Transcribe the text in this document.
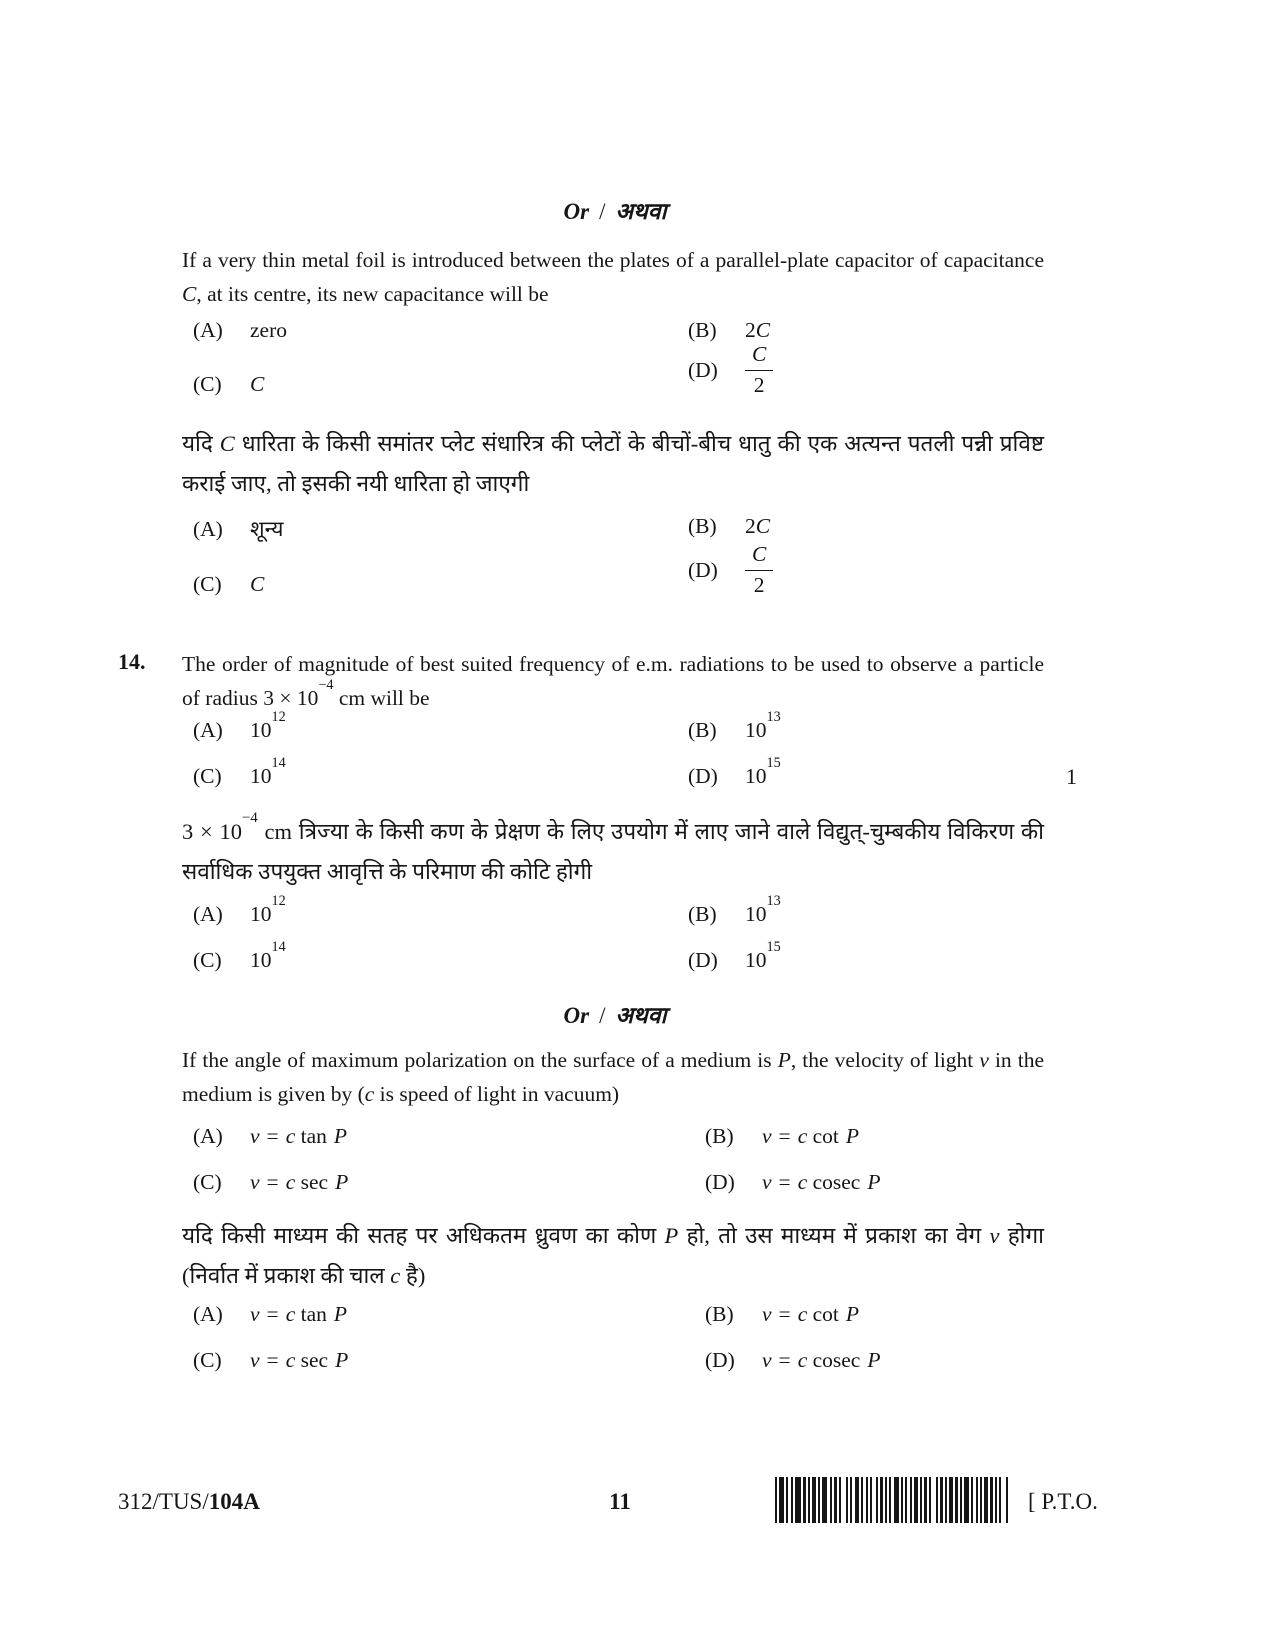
Or / अथवा
If a very thin metal foil is introduced between the plates of a parallel-plate capacitor of capacitance C, at its centre, its new capacitance will be
(A) zero	(B) 2C
(C) C
(D)	$\frac{C}{2}$
यदि C धारिता के किसी समांतर प्लेट संधारित्र की प्लेटों के बीचों-बीच धातु की एक अत्यन्त पतली पन्नी प्रविष्ट कराई जाए, तो इसकी नयी धारिता हो जाएगी
(A) शून्य	(B) 2C
(C) C
(D)	$\frac{C}{2}$
14. The order of magnitude of best suited frequency of e.m. radiations to be used to observe a particle of radius $3 \times 10^{-4}$ cm will be
(A) $10^{12}$
(B) $10^{13}$
(C) $10^{14}$
(D) $10^{15}$
1
$3 \times 10^{-4}$ cm त्रिज्या के किसी कण के प्रेक्षण के लिए उपयोग में लाए जाने वाले विद्युत्-चुम्बकीय विकिरण की सर्वाधिक उपयुक्त आवृत्ति के परिमाण की कोटि होगी
(A) $10^{12}$
(B) $10^{13}$
(C) $10^{14}$
(D) $10^{15}$
Or / अथवा
If the angle of maximum polarization on the surface of a medium is P, the velocity of light v in the medium is given by (c is speed of light in vacuum)
(A) v = c tan P	(B) v = c cot P
(C) v = c sec P	(D) v = c cosec P
यदि किसी माध्यम की सतह पर अधिकतम ध्रुवण का कोण P हो, तो उस माध्यम में प्रकाश का वेग v होगा (निर्वात में प्रकाश की चाल c है)
(A) v = c tan P	(B) v = c cot P
(C) v = c sec P	(D) v = c cosec P
312/TUS/104A	11	[ P.T.O.
